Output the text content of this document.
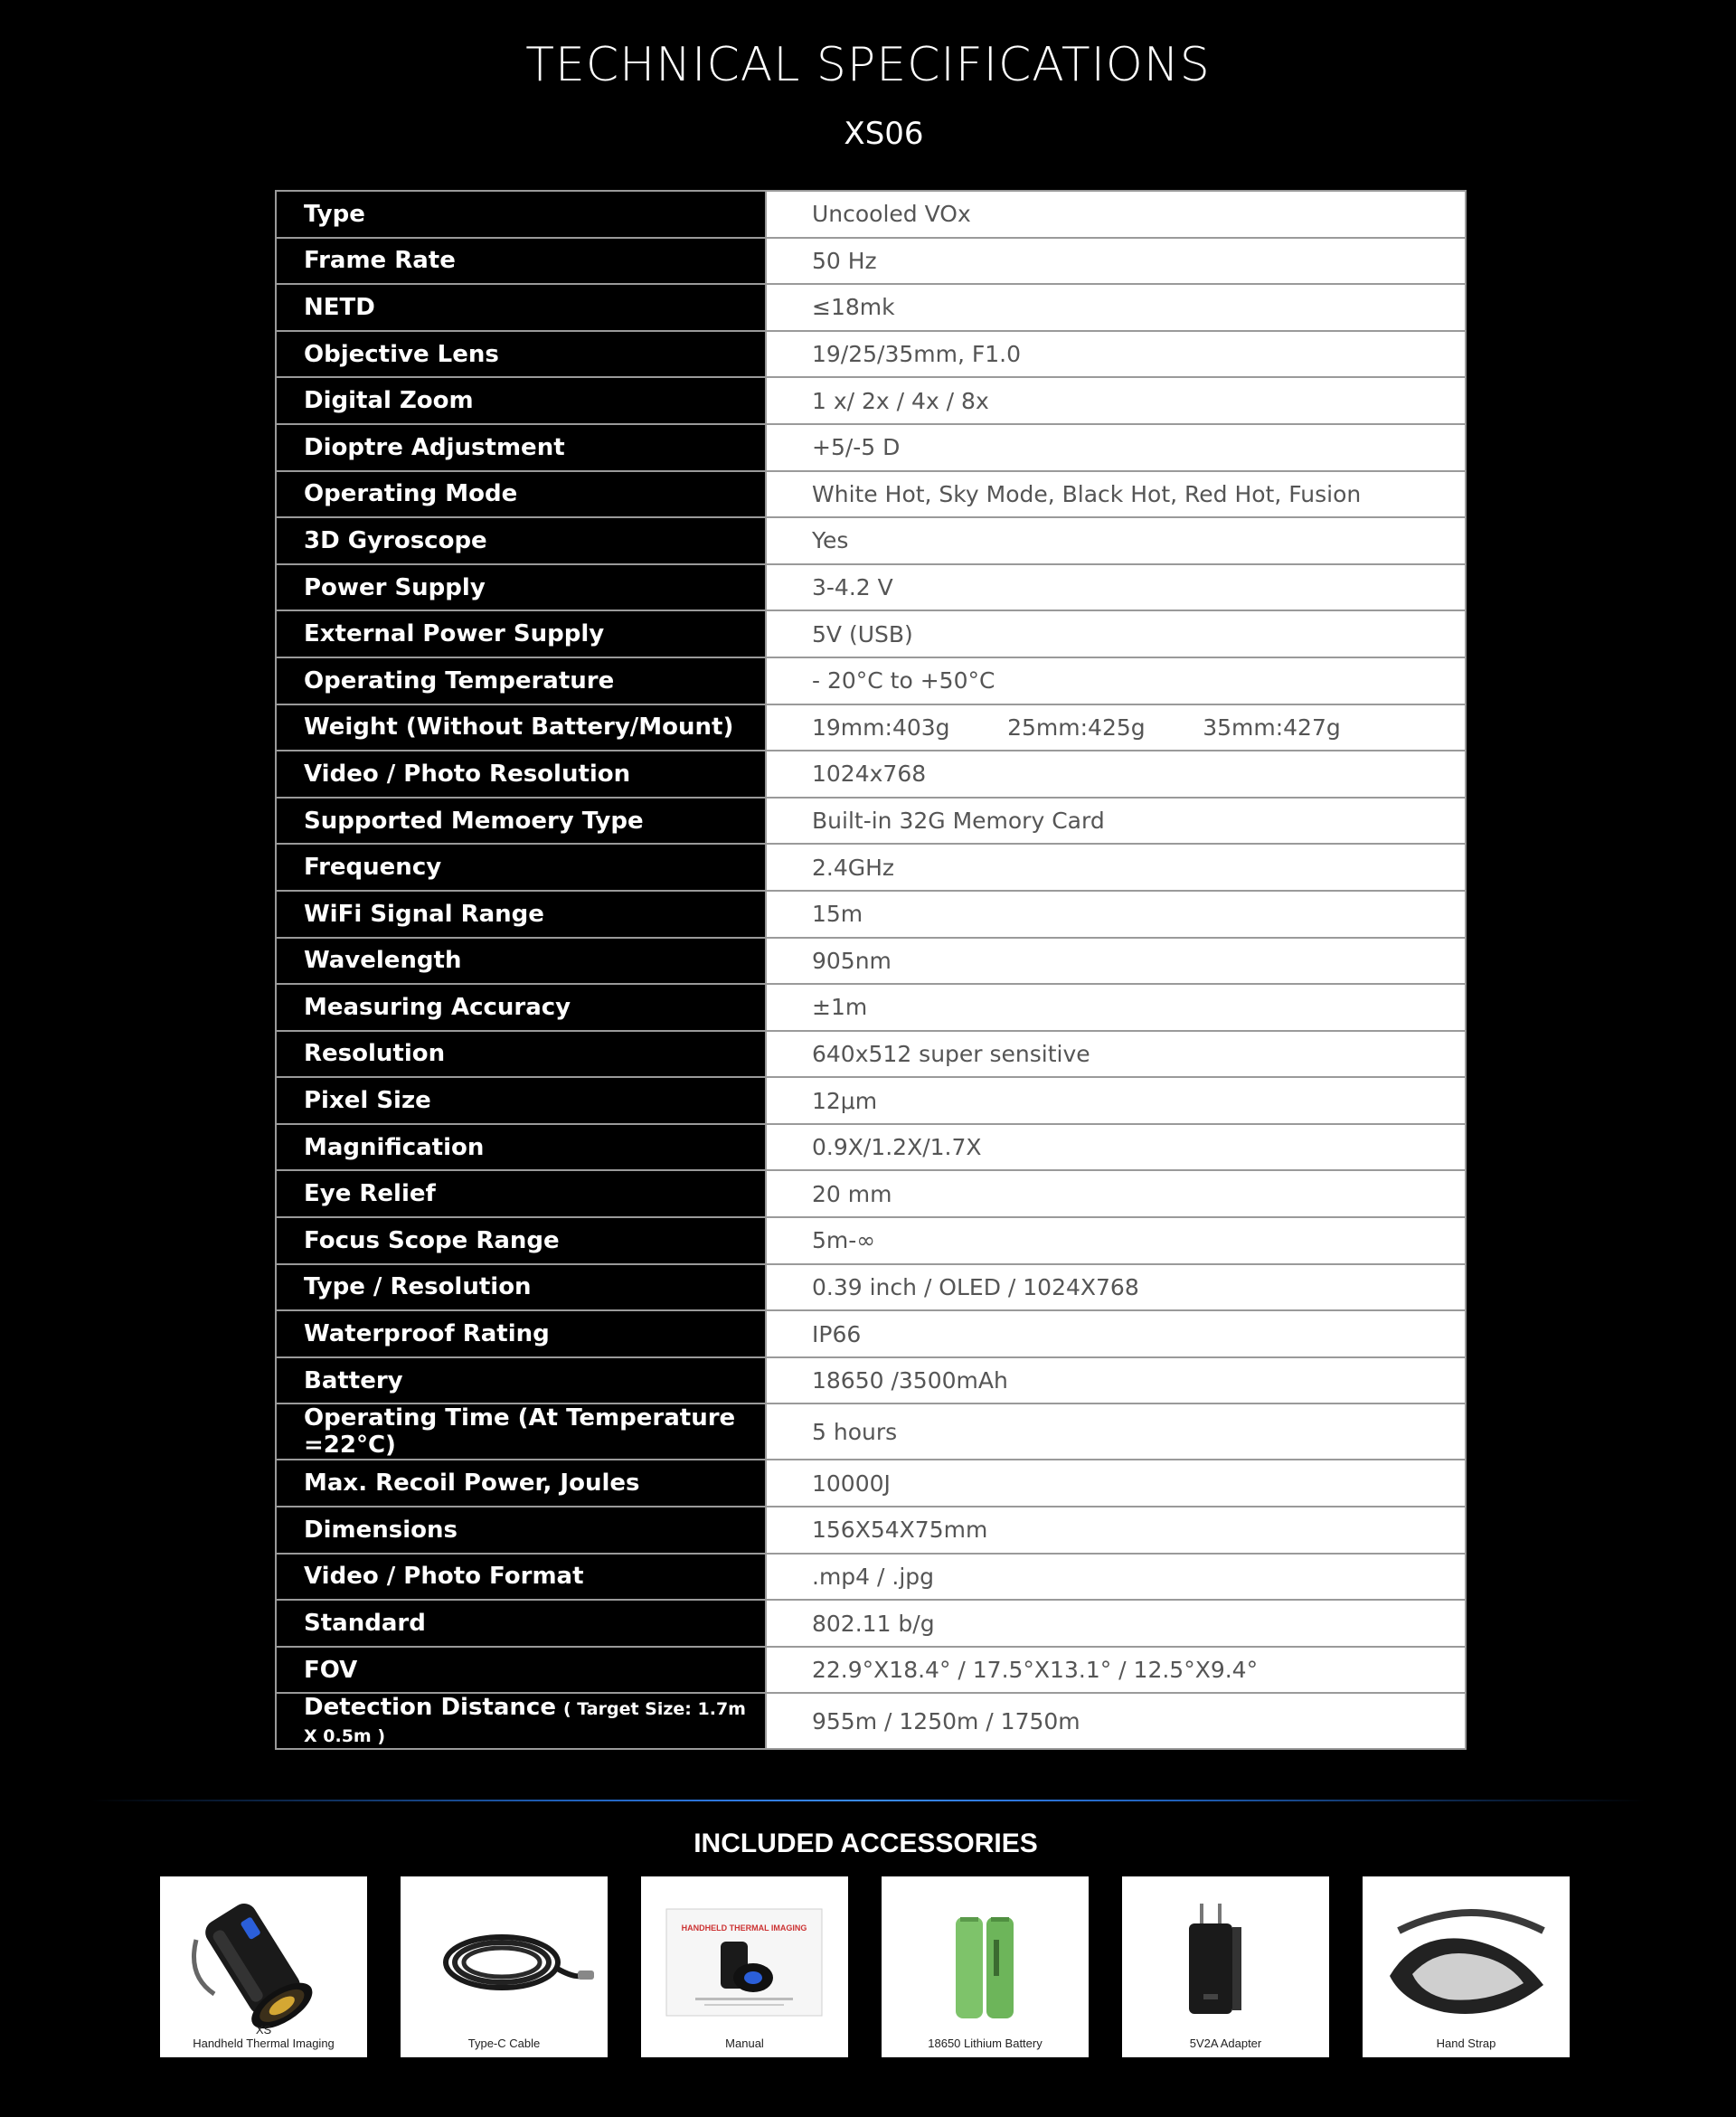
TECHNICAL SPECIFICATIONS
XS06
Type	Uncooled VOx
Frame Rate	50 Hz
NETD	≤18mk
Objective Lens	19/25/35mm, F1.0
Digital Zoom	1 x/ 2x / 4x / 8x
Dioptre Adjustment	+5/-5 D
Operating Mode	White Hot, Sky Mode, Black Hot, Red Hot, Fusion
3D Gyroscope	Yes
Power Supply	3-4.2 V
External Power Supply	5V (USB)
Operating Temperature	- 20°C to +50°C
Weight (Without Battery/Mount)	19mm:403g        25mm:425g        35mm:427g
Video / Photo Resolution	1024x768
Supported Memoery Type	Built-in 32G Memory Card
Frequency	2.4GHz
WiFi Signal Range	15m
Wavelength	905nm
Measuring Accuracy	±1m
Resolution	640x512 super sensitive
Pixel Size	12μm
Magnification	0.9X/1.2X/1.7X
Eye Relief	20 mm
Focus Scope Range	5m-∞
Type / Resolution	0.39 inch / OLED / 1024X768
Waterproof Rating	IP66
Battery	18650 /3500mAh
Operating Time (At Temperature =22°C)	5 hours
Max. Recoil Power, Joules	10000J
Dimensions	156X54X75mm
Video / Photo Format	.mp4 / .jpg
Standard	802.11 b/g
FOV	22.9°X18.4° / 17.5°X13.1° / 12.5°X9.4°
Detection Distance ( Target Size: 1.7m X 0.5m )	955m / 1250m / 1750m
INCLUDED ACCESSORIES
XS
Handheld Thermal Imaging	Type-C Cable
HANDHELD THERMAL IMAGING
Manual	18650 Lithium Battery	5V2A Adapter	Hand Strap
